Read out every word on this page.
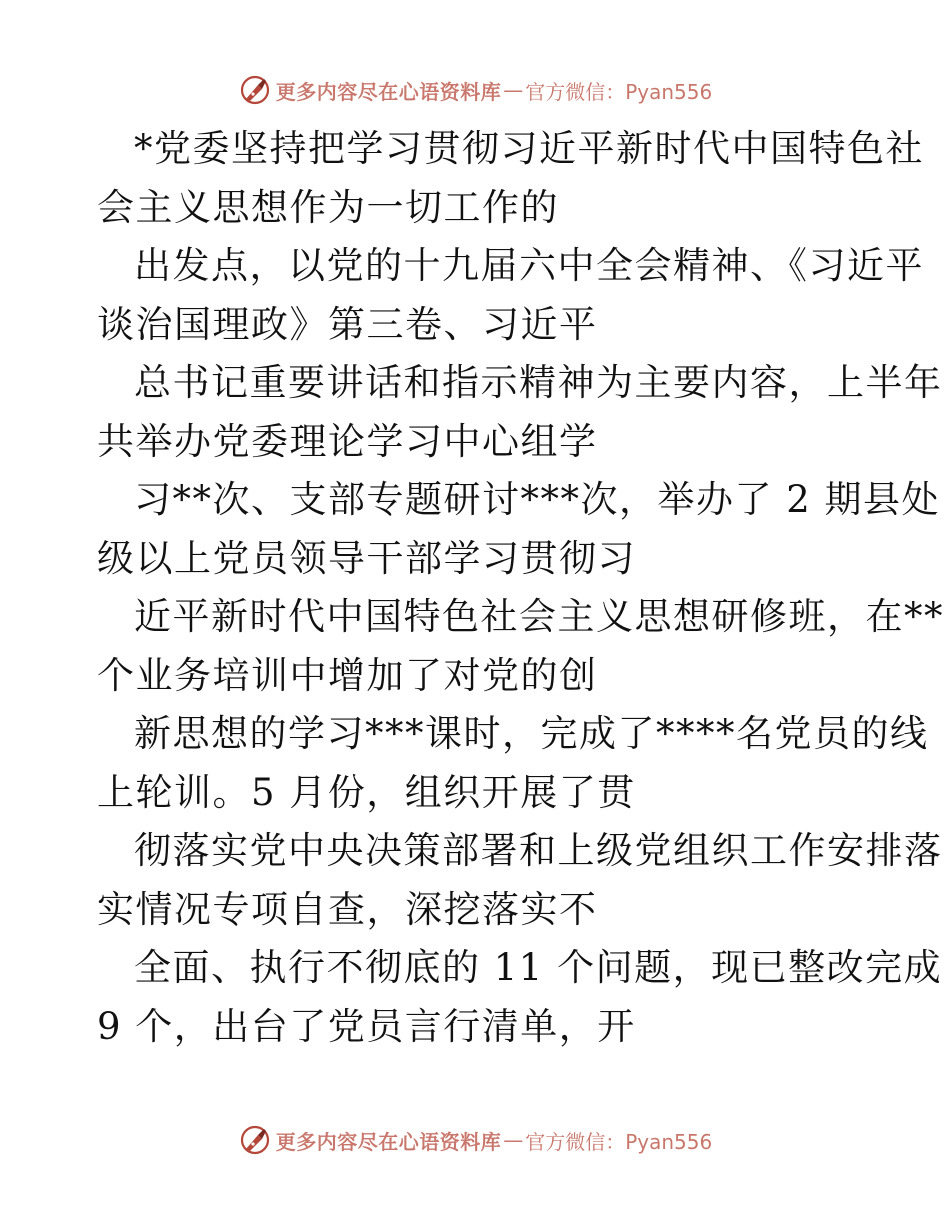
更多内容尽在心语资料库 — 官方微信：Pyan556
*党委坚持把学习贯彻习近平新时代中国特色社
会主义思想作为一切工作的
出发点，以党的十九届六中全会精神、《习近平
谈治国理政》第三卷、习近平
总书记重要讲话和指示精神为主要内容，上半年
共举办党委理论学习中心组学
习**次、支部专题研讨***次，举办了 2 期县处
级以上党员领导干部学习贯彻习
近平新时代中国特色社会主义思想研修班，在**
个业务培训中增加了对党的创
新思想的学习***课时，完成了****名党员的线
上轮训。5 月份，组织开展了贯
彻落实党中央决策部署和上级党组织工作安排落
实情况专项自查，深挖落实不
全面、执行不彻底的 11 个问题，现已整改完成
9 个，出台了党员言行清单，开
更多内容尽在心语资料库 — 官方微信：Pyan556
